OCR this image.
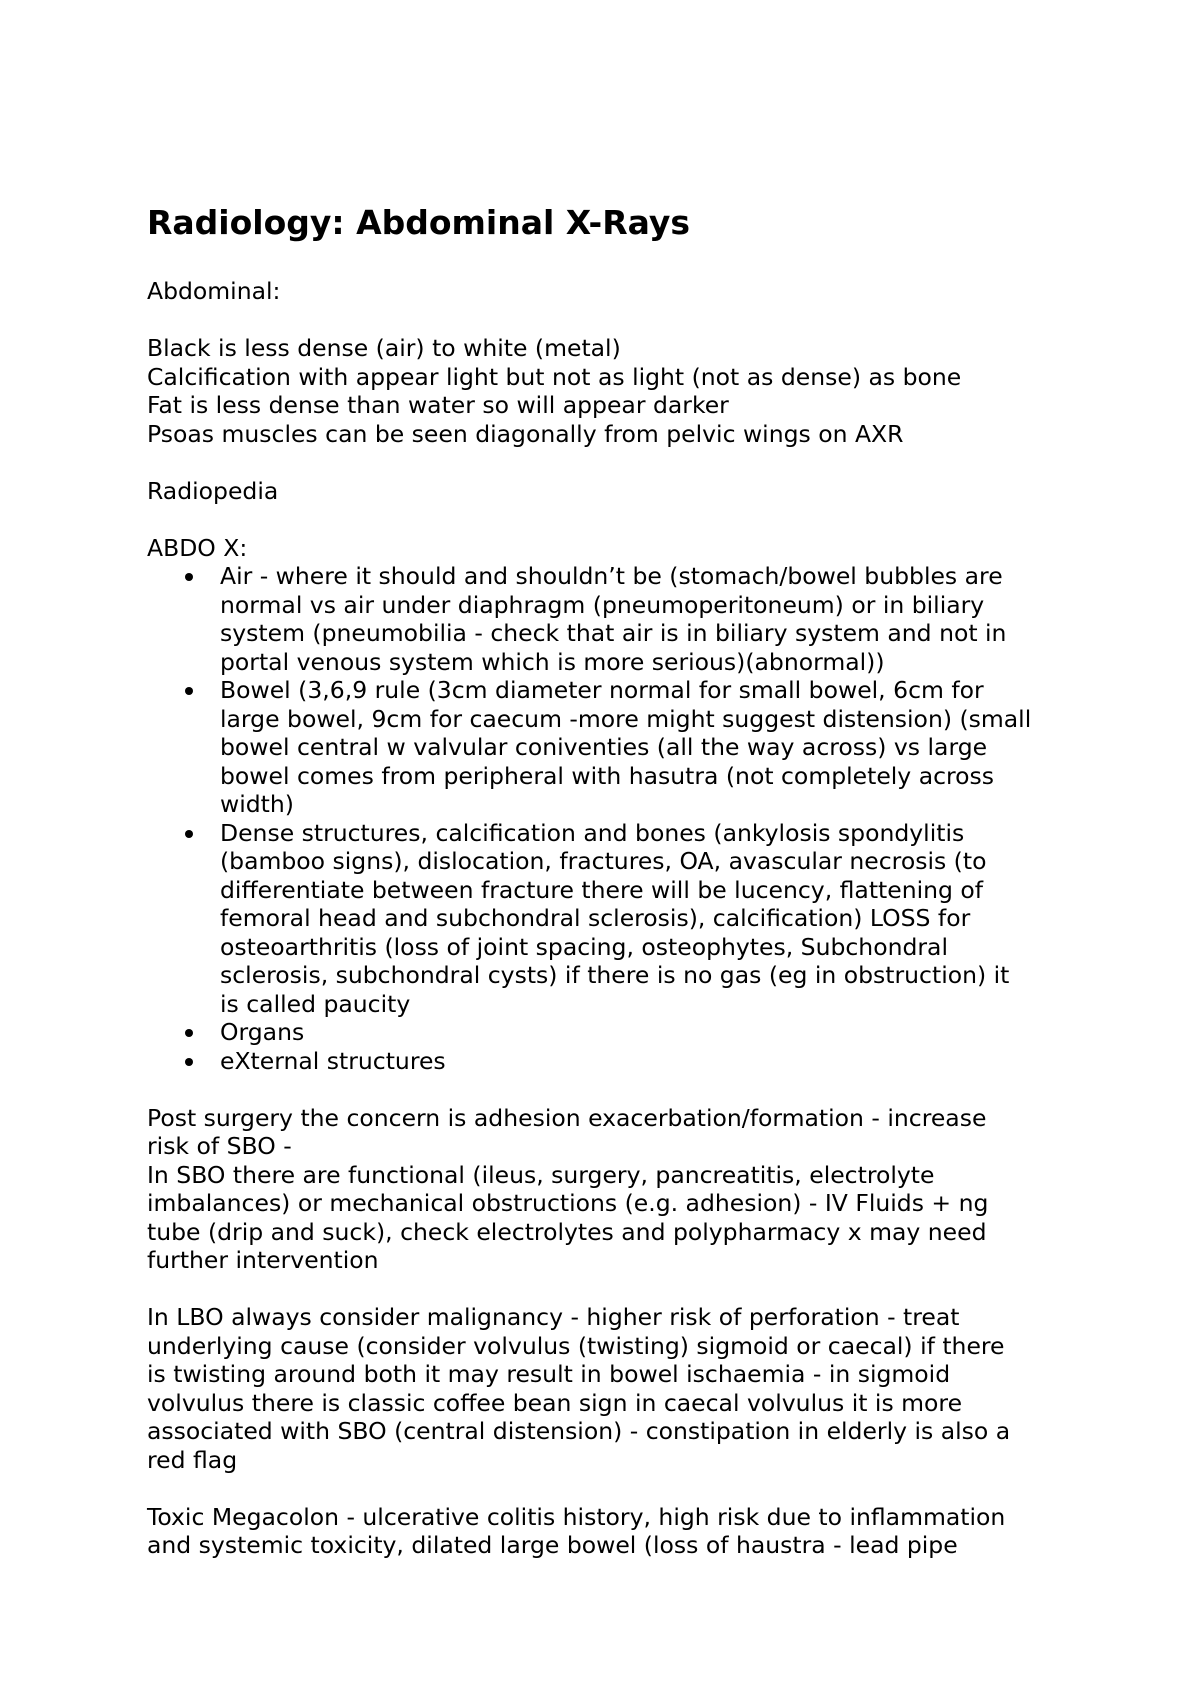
Radiology: Abdominal X-Rays

Abdominal:

Black is less dense (air) to white (metal)
Calcification with appear light but not as light (not as dense) as bone
Fat is less dense than water so will appear darker
Psoas muscles can be seen diagonally from pelvic wings on AXR

Radiopedia

ABDO X:

Air - where it should and shouldn’t be (stomach/bowel bubbles are
normal vs air under diaphragm (pneumoperitoneum) or in biliary
system (pneumobilia - check that air is in biliary system and not in
portal venous system which is more serious)(abnormal))
Bowel (3,6,9 rule (3cm diameter normal for small bowel, 6cm for
large bowel, 9cm for caecum -more might suggest distension) (small
bowel central w valvular coniventies (all the way across) vs large
bowel comes from peripheral with hasutra (not completely across
width)
Dense structures, calcification and bones (ankylosis spondylitis
(bamboo signs), dislocation, fractures, OA, avascular necrosis (to
differentiate between fracture there will be lucency, flattening of
femoral head and subchondral sclerosis), calcification) LOSS for
osteoarthritis (loss of joint spacing, osteophytes, Subchondral
sclerosis, subchondral cysts) if there is no gas (eg in obstruction) it
is called paucity
Organs
eXternal structures

Post surgery the concern is adhesion exacerbation/formation - increase
risk of SBO -
In SBO there are functional (ileus, surgery, pancreatitis, electrolyte
imbalances) or mechanical obstructions (e.g. adhesion) - IV Fluids + ng
tube (drip and suck), check electrolytes and polypharmacy x may need
further intervention

In LBO always consider malignancy - higher risk of perforation - treat
underlying cause (consider volvulus (twisting) sigmoid or caecal) if there
is twisting around both it may result in bowel ischaemia - in sigmoid
volvulus there is classic coffee bean sign in caecal volvulus it is more
associated with SBO (central distension) - constipation in elderly is also a
red flag

Toxic Megacolon - ulcerative colitis history, high risk due to inflammation
and systemic toxicity, dilated large bowel (loss of haustra - lead pipe
